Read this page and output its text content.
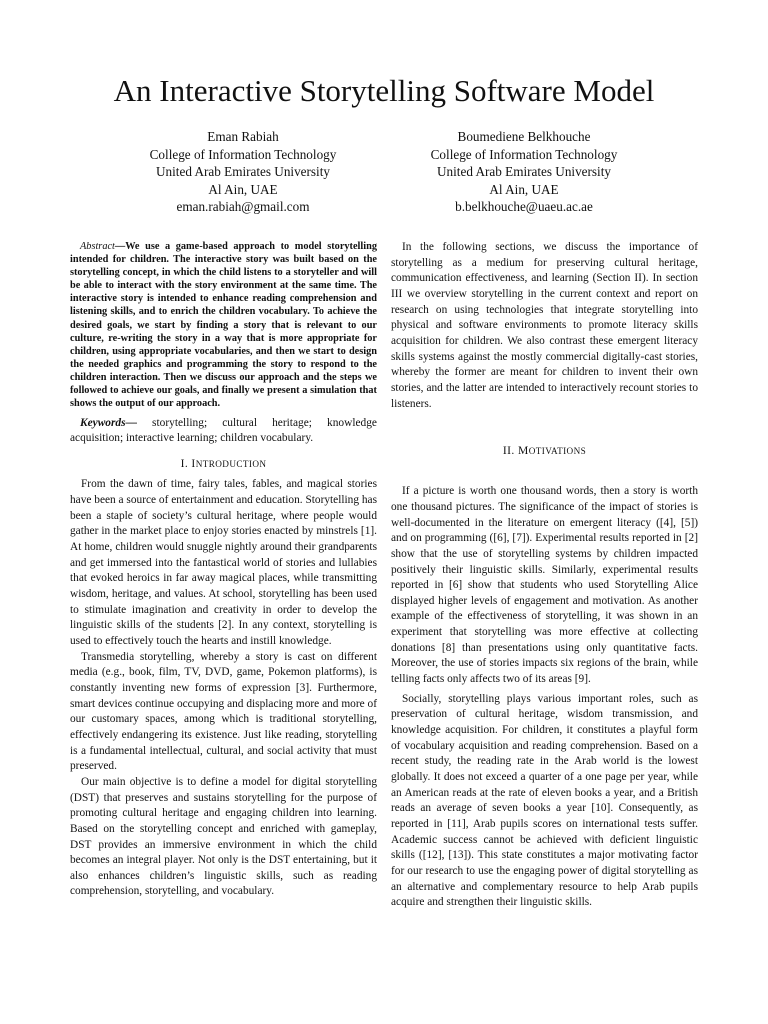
An Interactive Storytelling Software Model
Eman Rabiah
College of Information Technology
United Arab Emirates University
Al Ain, UAE
eman.rabiah@gmail.com
Boumediene Belkhouche
College of Information Technology
United Arab Emirates University
Al Ain, UAE
b.belkhouche@uaeu.ac.ae

Abstract—We use a game-based approach to model storytelling intended for children. The interactive story was built based on the storytelling concept, in which the child listens to a storyteller and will be able to interact with the story environment at the same time. The interactive story is intended to enhance reading comprehension and listening skills, and to enrich the children vocabulary. To achieve the desired goals, we start by finding a story that is relevant to our culture, re-writing the story in a way that is more appropriate for children, using appropriate vocabularies, and then we start to design the needed graphics and programming the story to respond to the children interaction. Then we discuss our approach and the steps we followed to achieve our goals, and finally we present a simulation that shows the output of our approach.

Keywords— storytelling; cultural heritage; knowledge acquisition; interactive learning; children vocabulary.

I. INTRODUCTION

From the dawn of time, fairy tales, fables, and magical stories have been a source of entertainment and education. Storytelling has been a staple of society’s cultural heritage, where people would gather in the market place to enjoy stories enacted by minstrels [1]. At home, children would snuggle nightly around their grandparents and get immersed into the fantastical world of stories and lullabies that evoked heroics in far away magical places, while transmitting wisdom, heritage, and values. At school, storytelling has been used to stimulate imagination and creativity in order to develop the linguistic skills of the students [2]. In any context, storytelling is used to effectively touch the hearts and instill knowledge.

Transmedia storytelling, whereby a story is cast on different media (e.g., book, film, TV, DVD, game, Pokemon platforms), is constantly inventing new forms of expression [3]. Furthermore, smart devices continue occupying and displacing more and more of our customary spaces, among which is traditional storytelling, effectively endangering its existence. Just like reading, storytelling is a fundamental intellectual, cultural, and social activity that must preserved.

Our main objective is to define a model for digital storytelling (DST) that preserves and sustains storytelling for the purpose of promoting cultural heritage and engaging children into learning. Based on the storytelling concept and enriched with gameplay, DST provides an immersive environment in which the child becomes an integral player. Not only is the DST entertaining, but it also enhances children’s linguistic skills, such as reading comprehension, storytelling, and vocabulary.

In the following sections, we discuss the importance of storytelling as a medium for preserving cultural heritage, communication effectiveness, and learning (Section II). In section III we overview storytelling in the current context and report on research on using technologies that integrate storytelling into physical and software environments to promote literacy skills acquisition for children. We also contrast these emergent literacy skills systems against the mostly commercial digitally-cast stories, whereby the former are meant for children to invent their own stories, and the latter are intended to interactively recount stories to listeners.

II. MOTIVATIONS

If a picture is worth one thousand words, then a story is worth one thousand pictures. The significance of the impact of stories is well-documented in the literature on emergent literacy ([4], [5]) and on programming ([6], [7]). Experimental results reported in [2] show that the use of storytelling systems by children impacted positively their linguistic skills. Similarly, experimental results reported in [6] show that students who used Storytelling Alice displayed higher levels of engagement and motivation. As another example of the effectiveness of storytelling, it was shown in an experiment that storytelling was more effective at collecting donations [8] than presentations using only quantitative facts. Moreover, the use of stories impacts six regions of the brain, while telling facts only affects two of its areas [9].

Socially, storytelling plays various important roles, such as preservation of cultural heritage, wisdom transmission, and knowledge acquisition. For children, it constitutes a playful form of vocabulary acquisition and reading comprehension. Based on a recent study, the reading rate in the Arab world is the lowest globally. It does not exceed a quarter of a one page per year, while an American reads at the rate of eleven books a year, and a British reads an average of seven books a year [10]. Consequently, as reported in [11], Arab pupils scores on international tests suffer. Academic success cannot be achieved with deficient linguistic skills ([12], [13]). This state constitutes a major motivating factor for our research to use the engaging power of digital storytelling as an alternative and complementary resource to help Arab pupils acquire and strengthen their linguistic skills.
